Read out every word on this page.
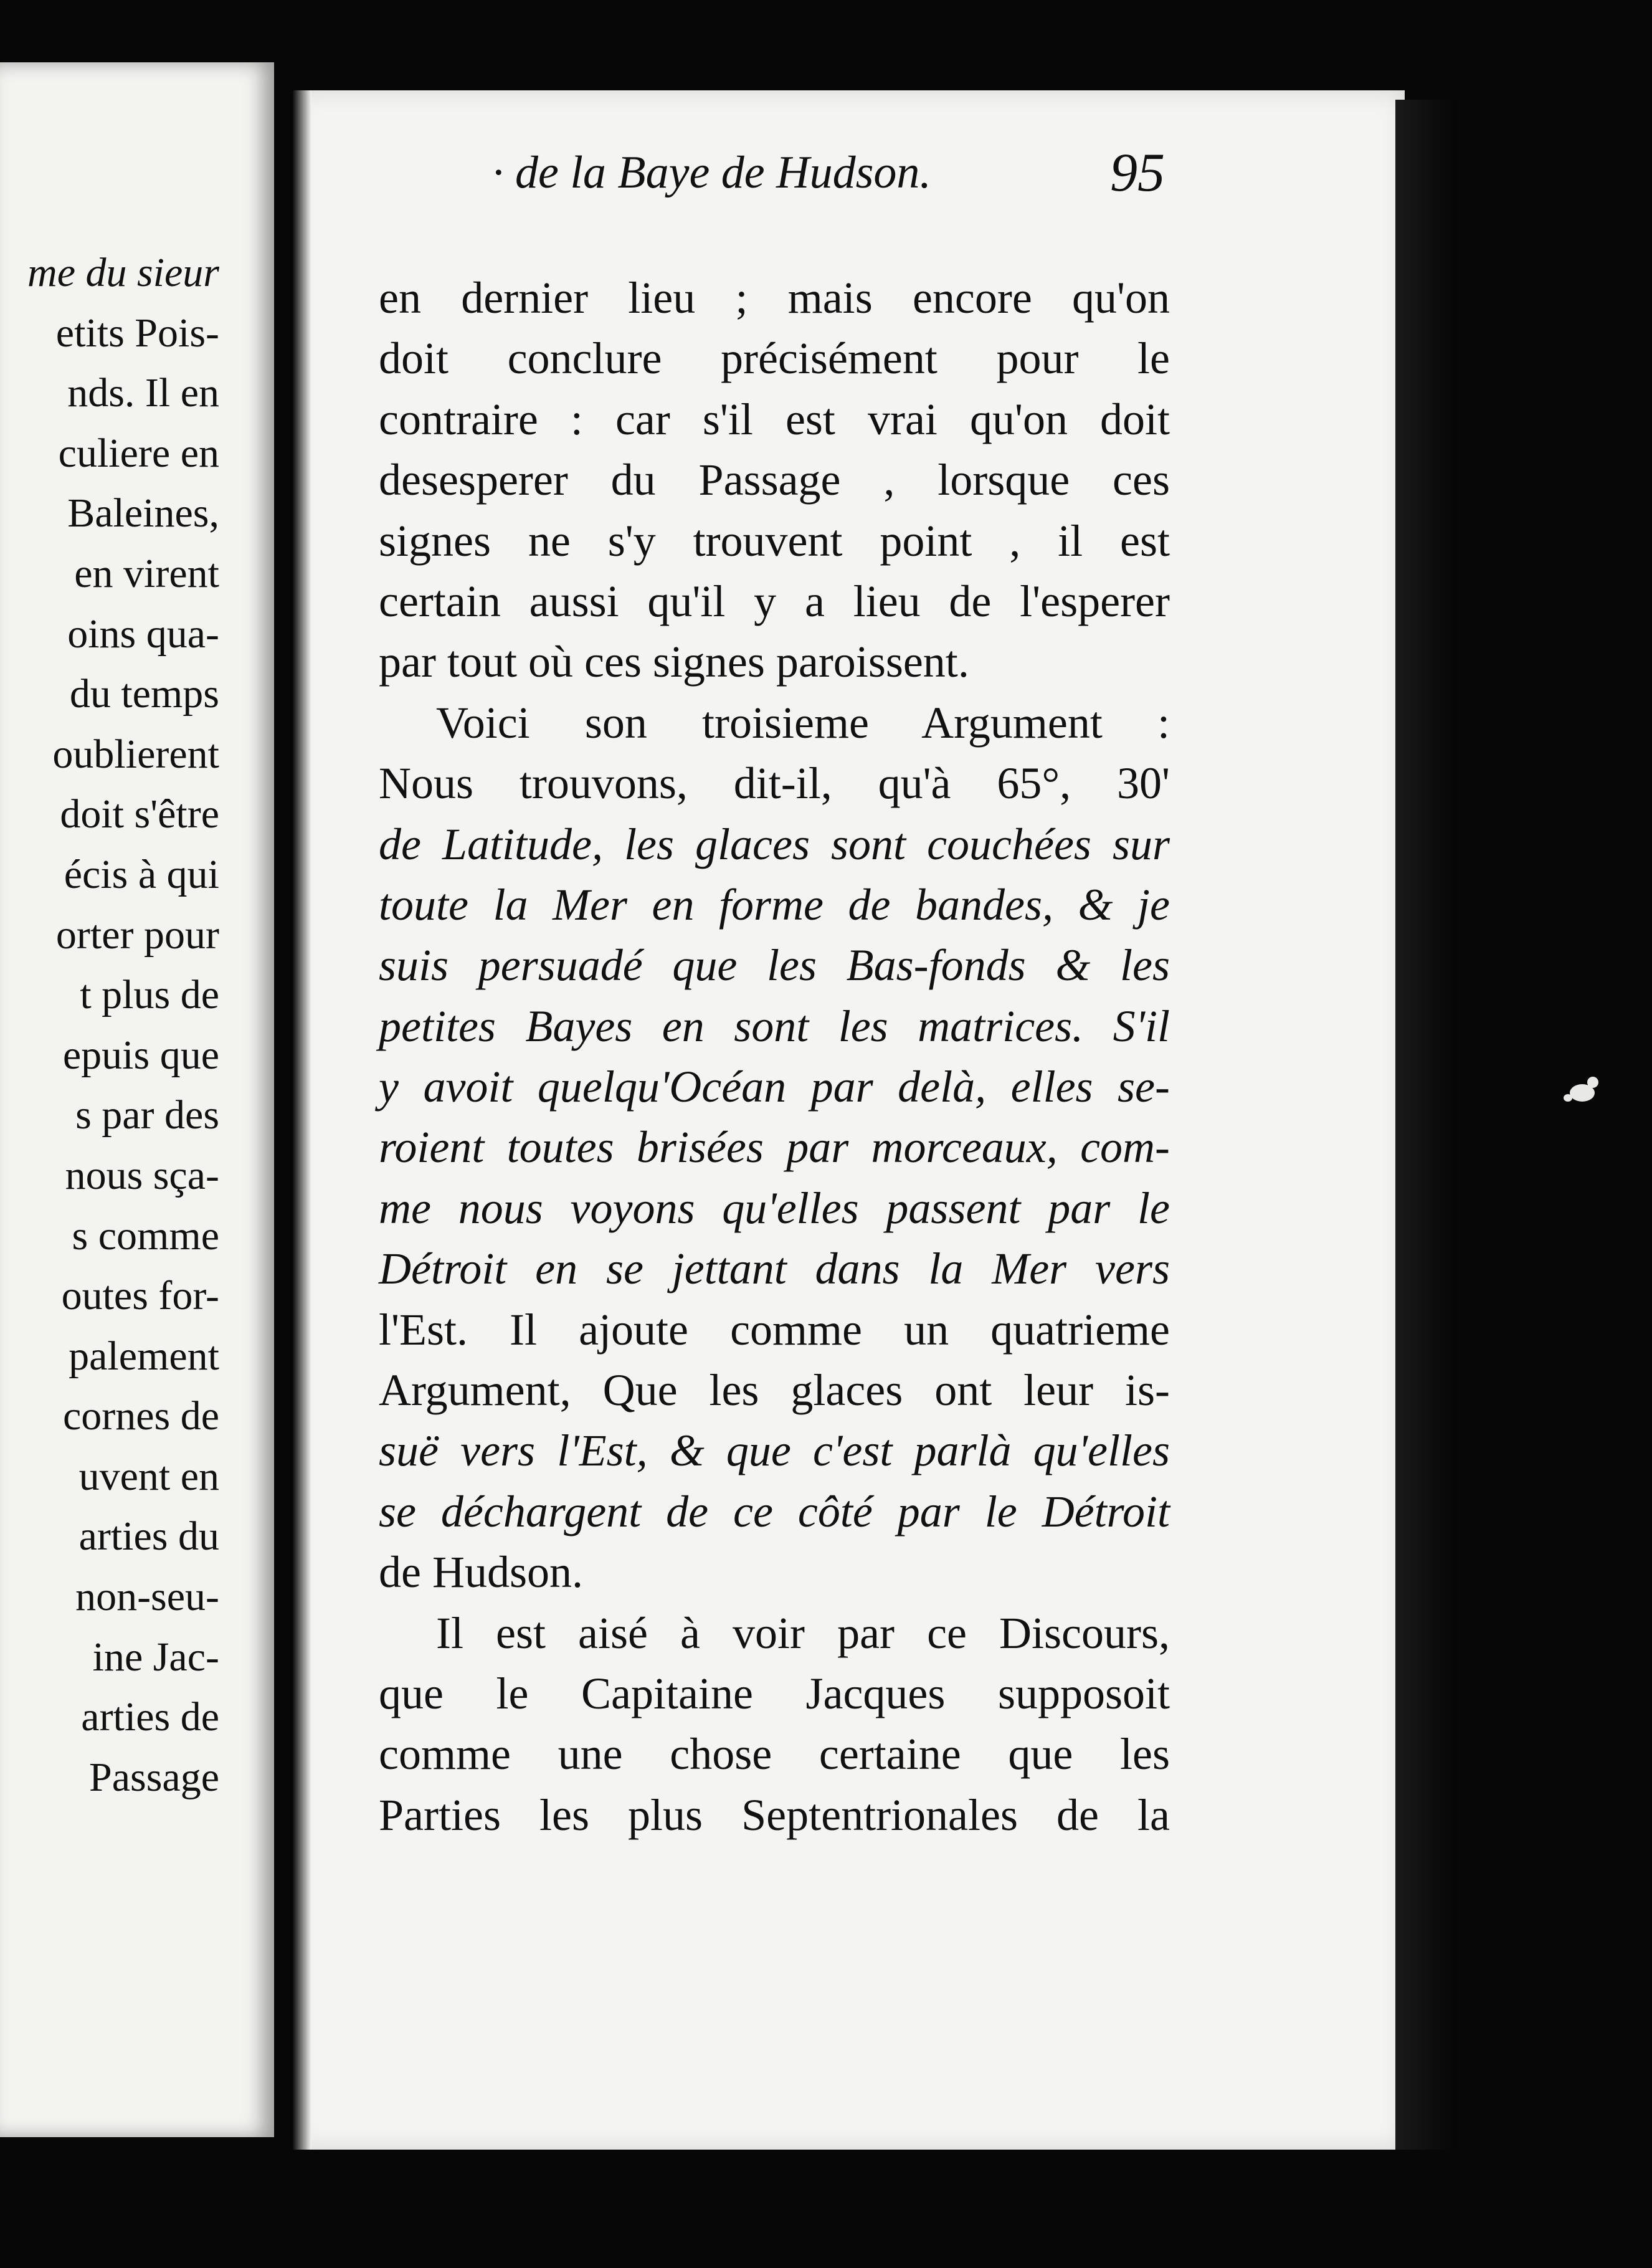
me du sieur
etits Pois-
nds. Il en
culiere en
Baleines,
en virent
oins qua-
du temps
oublierent
doit s'être
écis à qui
orter pour
t plus de
epuis que
s par des
nous sça-
s comme
outes for-
palement
cornes de
uvent en
arties du
non-seu-
ine Jac-
arties de
Passage
· de la Baye de Hudson.	95
en dernier lieu ; mais encore qu'on
doit conclure précisément pour le
contraire : car s'il est vrai qu'on doit
desesperer du Passage , lorsque ces
signes ne s'y trouvent point , il est
certain aussi qu'il y a lieu de l'esperer
par tout où ces signes paroissent.
Voici son troisieme Argument :
Nous trouvons, dit-il, qu'à 65°, 30'
de Latitude, les glaces sont couchées sur
toute la Mer en forme de bandes, & je
suis persuadé que les Bas-fonds & les
petites Bayes en sont les matrices. S'il
y avoit quelqu'Océan par delà, elles se-
roient toutes brisées par morceaux, com-
me nous voyons qu'elles passent par le
Détroit en se jettant dans la Mer vers
l'Est. Il ajoute comme un quatrieme
Argument, Que les glaces ont leur is-
suë vers l'Est, & que c'est parlà qu'elles
se déchargent de ce côté par le Détroit
de Hudson.
Il est aisé à voir par ce Discours,
que le Capitaine Jacques supposoit
comme une chose certaine que les
Parties les plus Septentrionales de la
